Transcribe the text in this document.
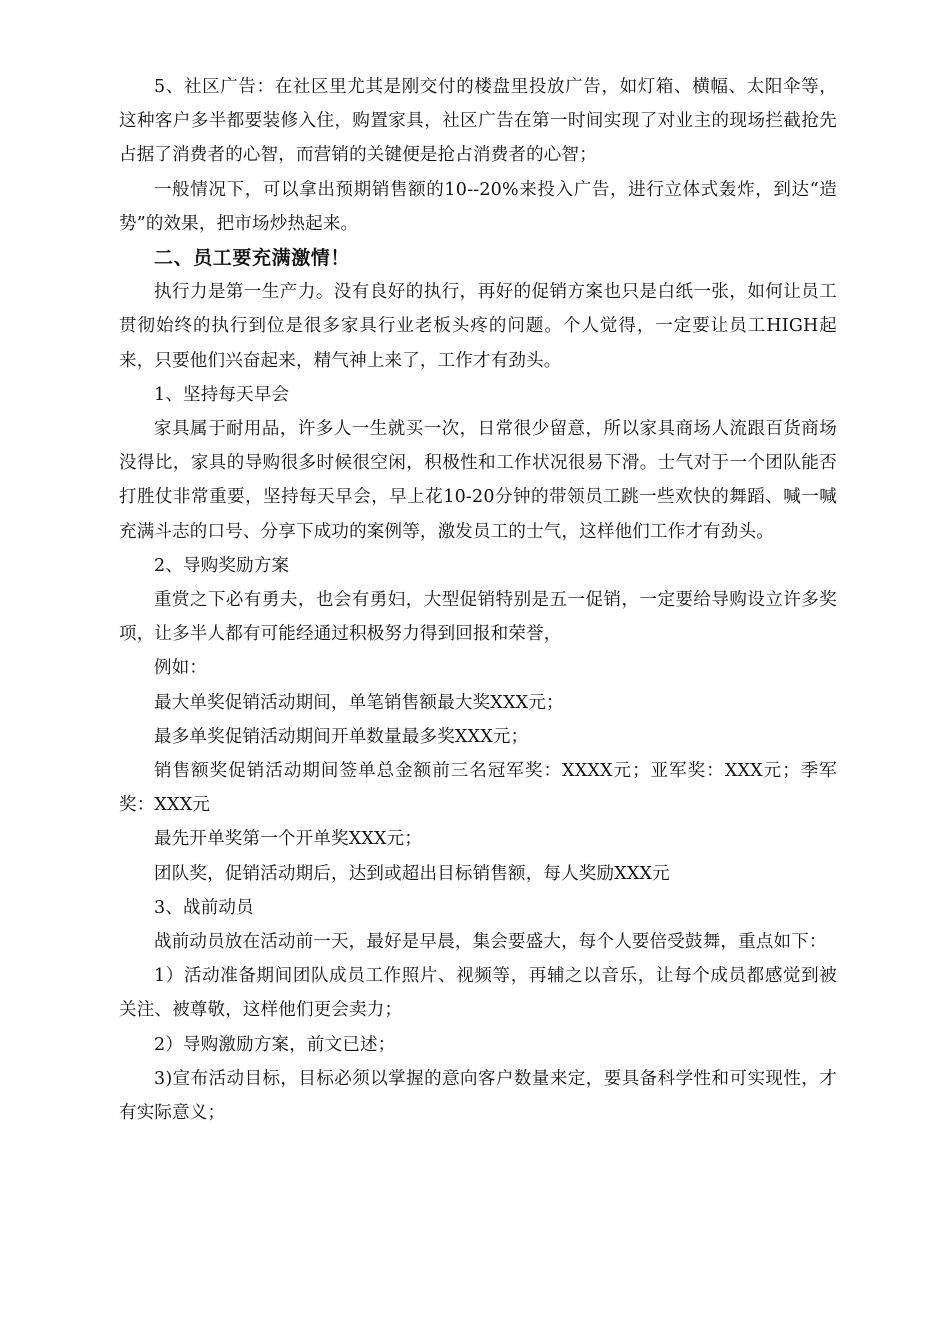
5、社区广告：在社区里尤其是刚交付的楼盘里投放广告，如灯箱、横幅、太阳伞等，这种客户多半都要装修入住，购置家具，社区广告在第一时间实现了对业主的现场拦截抢先占据了消费者的心智，而营销的关键便是抢占消费者的心智；

一般情况下，可以拿出预期销售额的10--20%来投入广告，进行立体式轰炸，到达“造势”的效果，把市场炒热起来。

二、员工要充满激情！

执行力是第一生产力。没有良好的执行，再好的促销方案也只是白纸一张，如何让员工贯彻始终的执行到位是很多家具行业老板头疼的问题。个人觉得，一定要让员工HIGH起来，只要他们兴奋起来，精气神上来了，工作才有劲头。

1、坚持每天早会

家具属于耐用品，许多人一生就买一次，日常很少留意，所以家具商场人流跟百货商场没得比，家具的导购很多时候很空闲，积极性和工作状况很易下滑。士气对于一个团队能否打胜仗非常重要，坚持每天早会，早上花10-20分钟的带领员工跳一些欢快的舞蹈、喊一喊充满斗志的口号、分享下成功的案例等，激发员工的士气，这样他们工作才有劲头。

2、导购奖励方案

重赏之下必有勇夫，也会有勇妇，大型促销特别是五一促销，一定要给导购设立许多奖项，让多半人都有可能经通过积极努力得到回报和荣誉，

例如：

最大单奖促销活动期间，单笔销售额最大奖XXX元；

最多单奖促销活动期间开单数量最多奖XXX元；

销售额奖促销活动期间签单总金额前三名冠军奖：XXXX元；亚军奖：XXX元；季军奖：XXX元

最先开单奖第一个开单奖XXX元；

团队奖，促销活动期后，达到或超出目标销售额，每人奖励XXX元

3、战前动员

战前动员放在活动前一天，最好是早晨，集会要盛大，每个人要倍受鼓舞，重点如下：

1）活动准备期间团队成员工作照片、视频等，再辅之以音乐，让每个成员都感觉到被关注、被尊敬，这样他们更会卖力；

2）导购激励方案，前文已述；

3)宣布活动目标，目标必须以掌握的意向客户数量来定，要具备科学性和可实现性，才有实际意义；
